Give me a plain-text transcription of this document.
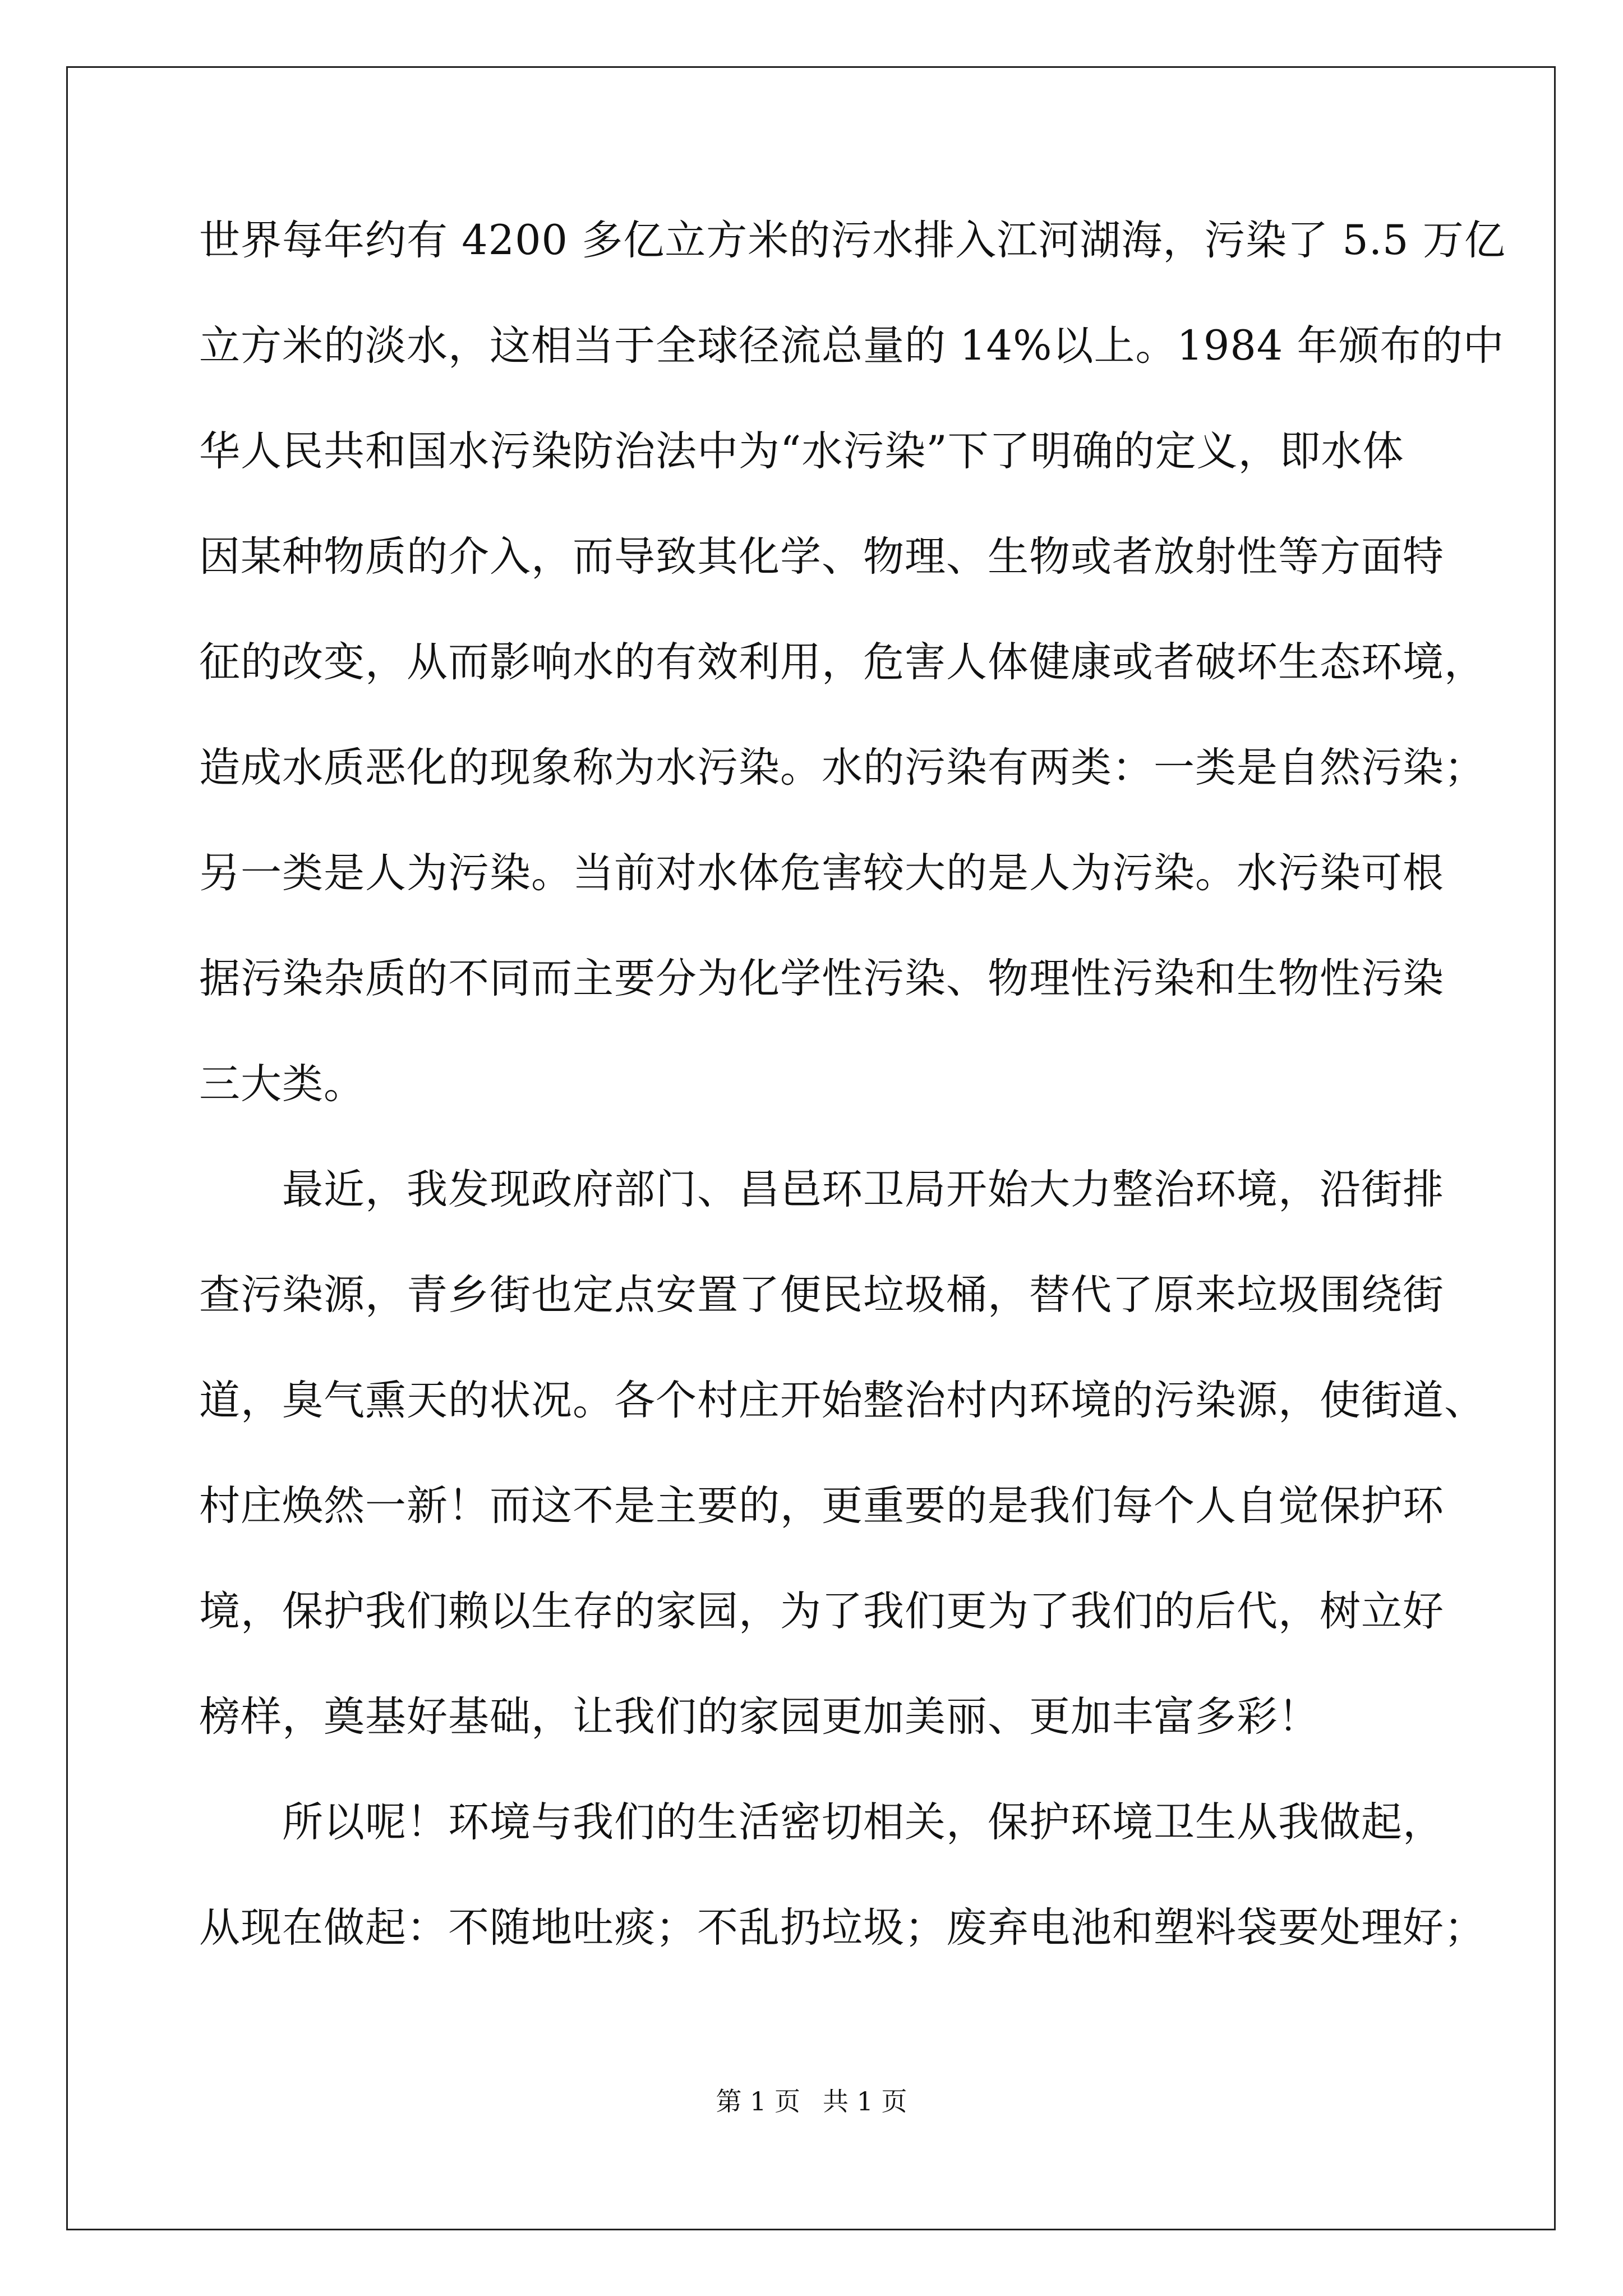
世界每年约有 4200 多亿立方米的污水排入江河湖海，污染了 5.5 万亿
立方米的淡水，这相当于全球径流总量的 14%以上。1984 年颁布的中
华人民共和国水污染防治法中为“水污染”下了明确的定义，即水体
因某种物质的介入，而导致其化学、物理、生物或者放射性等方面特
征的改变，从而影响水的有效利用，危害人体健康或者破坏生态环境，
造成水质恶化的现象称为水污染。水的污染有两类：一类是自然污染；
另一类是人为污染。当前对水体危害较大的是人为污染。水污染可根
据污染杂质的不同而主要分为化学性污染、物理性污染和生物性污染
三大类。
　　最近，我发现政府部门、昌邑环卫局开始大力整治环境，沿街排
查污染源，青乡街也定点安置了便民垃圾桶，替代了原来垃圾围绕街
道，臭气熏天的状况。各个村庄开始整治村内环境的污染源，使街道、
村庄焕然一新！而这不是主要的，更重要的是我们每个人自觉保护环
境，保护我们赖以生存的家园，为了我们更为了我们的后代，树立好
榜样，奠基好基础，让我们的家园更加美丽、更加丰富多彩！
　　所以呢！环境与我们的生活密切相关，保护环境卫生从我做起，
从现在做起：不随地吐痰；不乱扔垃圾；废弃电池和塑料袋要处理好；
第 1 页 共 1 页
